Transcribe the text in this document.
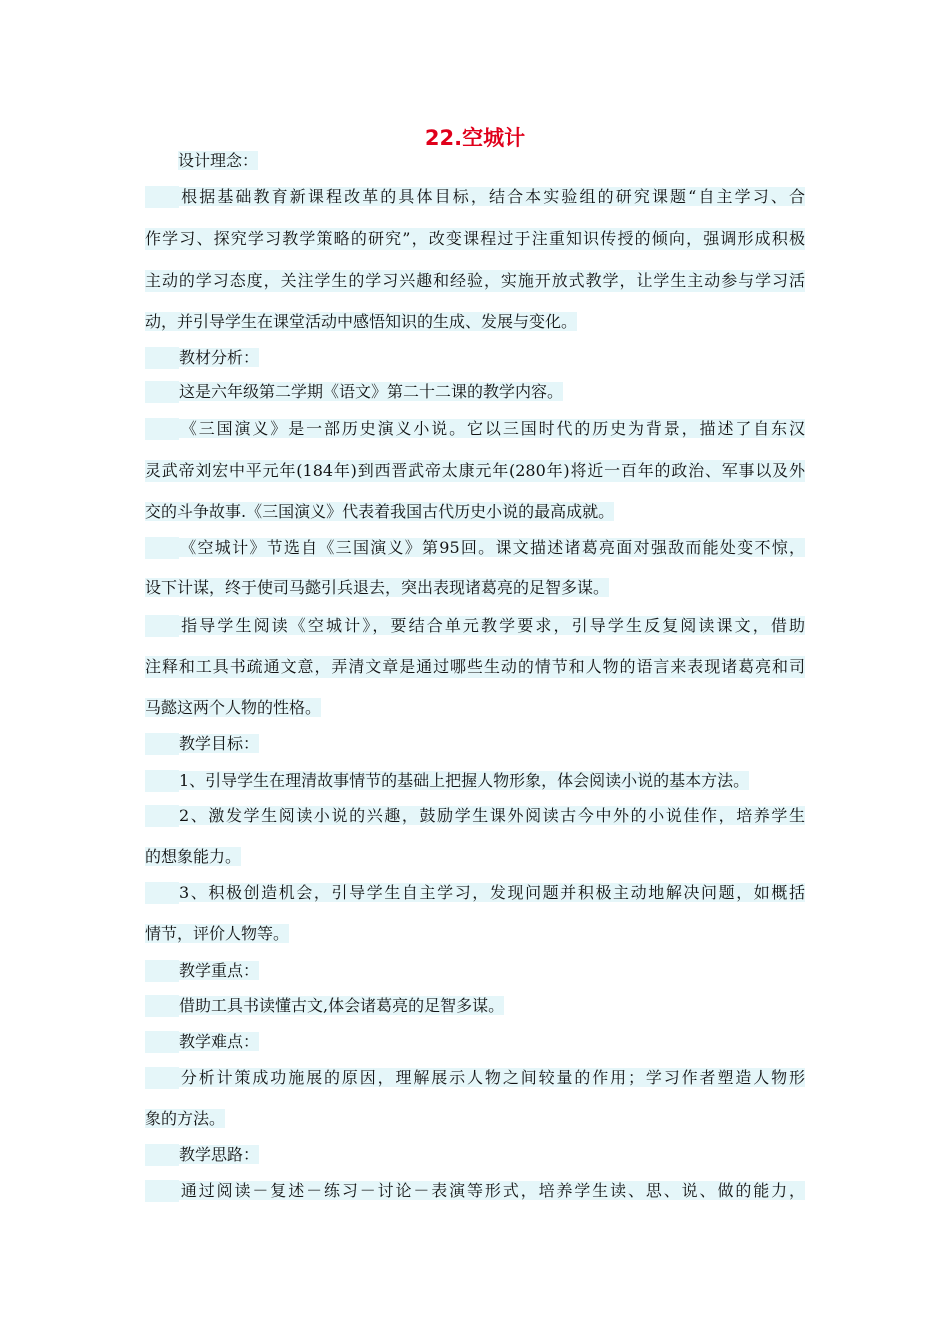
22.空城计
设计理念：
根据基础教育新课程改革的具体目标，结合本实验组的研究课题“自主学习、合
作学习、探究学习教学策略的研究”，改变课程过于注重知识传授的倾向，强调形成积极
主动的学习态度，关注学生的学习兴趣和经验，实施开放式教学，让学生主动参与学习活
动，并引导学生在课堂活动中感悟知识的生成、发展与变化。
教材分析：
这是六年级第二学期《语文》第二十二课的教学内容。
《三国演义》是一部历史演义小说。它以三国时代的历史为背景，描述了自东汉
灵武帝刘宏中平元年(184年)到西晋武帝太康元年(280年)将近一百年的政治、军事以及外
交的斗争故事.《三国演义》代表着我国古代历史小说的最高成就。
《空城计》节选自《三国演义》第95回。课文描述诸葛亮面对强敌而能处变不惊，
设下计谋，终于使司马懿引兵退去，突出表现诸葛亮的足智多谋。
指导学生阅读《空城计》，要结合单元教学要求，引导学生反复阅读课文，借助
注释和工具书疏通文意，弄清文章是通过哪些生动的情节和人物的语言来表现诸葛亮和司
马懿这两个人物的性格。
教学目标：
1、引导学生在理清故事情节的基础上把握人物形象，体会阅读小说的基本方法。
2、激发学生阅读小说的兴趣，鼓励学生课外阅读古今中外的小说佳作，培养学生
的想象能力。
3、积极创造机会，引导学生自主学习，发现问题并积极主动地解决问题，如概括
情节，评价人物等。
教学重点：
借助工具书读懂古文,体会诸葛亮的足智多谋。
教学难点：
分析计策成功施展的原因，理解展示人物之间较量的作用；学习作者塑造人物形
象的方法。
教学思路：
通过阅读－复述－练习－讨论－表演等形式，培养学生读、思、说、做的能力，
